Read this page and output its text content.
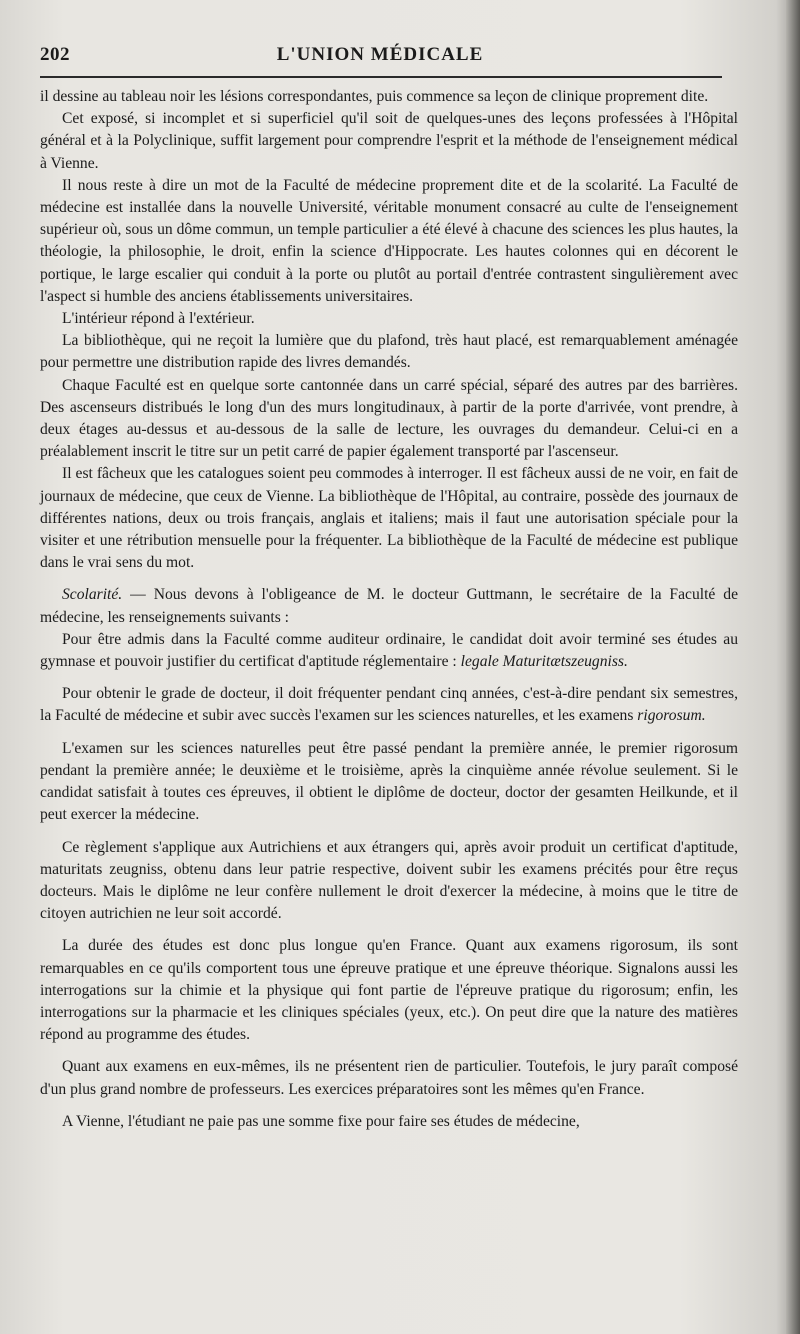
202	L'UNION MÉDICALE

il dessine au tableau noir les lésions correspondantes, puis commence sa leçon de clinique proprement dite.

Cet exposé, si incomplet et si superficiel qu'il soit de quelques-unes des leçons professées à l'Hôpital général et à la Polyclinique, suffit largement pour comprendre l'esprit et la méthode de l'enseignement médical à Vienne.

Il nous reste à dire un mot de la Faculté de médecine proprement dite et de la scolarité. La Faculté de médecine est installée dans la nouvelle Université, véritable monument consacré au culte de l'enseignement supérieur où, sous un dôme commun, un temple particulier a été élevé à chacune des sciences les plus hautes, la théologie, la philosophie, le droit, enfin la science d'Hippocrate. Les hautes colonnes qui en décorent le portique, le large escalier qui conduit à la porte ou plutôt au portail d'entrée contrastent singulièrement avec l'aspect si humble des anciens établissements universitaires.

L'intérieur répond à l'extérieur.

La bibliothèque, qui ne reçoit la lumière que du plafond, très haut placé, est remarquablement aménagée pour permettre une distribution rapide des livres demandés.

Chaque Faculté est en quelque sorte cantonnée dans un carré spécial, séparé des autres par des barrières. Des ascenseurs distribués le long d'un des murs longitudinaux, à partir de la porte d'arrivée, vont prendre, à deux étages au-dessus et au-dessous de la salle de lecture, les ouvrages du demandeur. Celui-ci en a préalablement inscrit le titre sur un petit carré de papier également transporté par l'ascenseur.

Il est fâcheux que les catalogues soient peu commodes à interroger. Il est fâcheux aussi de ne voir, en fait de journaux de médecine, que ceux de Vienne. La bibliothèque de l'Hôpital, au contraire, possède des journaux de différentes nations, deux ou trois français, anglais et italiens; mais il faut une autorisation spéciale pour la visiter et une rétribution mensuelle pour la fréquenter. La bibliothèque de la Faculté de médecine est publique dans le vrai sens du mot.

Scolarité. — Nous devons à l'obligeance de M. le docteur Guttmann, le secrétaire de la Faculté de médecine, les renseignements suivants :

Pour être admis dans la Faculté comme auditeur ordinaire, le candidat doit avoir terminé ses études au gymnase et pouvoir justifier du certificat d'aptitude réglementaire : legale Maturitætszeugniss.

Pour obtenir le grade de docteur, il doit fréquenter pendant cinq années, c'est-à-dire pendant six semestres, la Faculté de médecine et subir avec succès l'examen sur les sciences naturelles, et les examens rigorosum.

L'examen sur les sciences naturelles peut être passé pendant la première année, le premier rigorosum pendant la première année; le deuxième et le troisième, après la cinquième année révolue seulement. Si le candidat satisfait à toutes ces épreuves, il obtient le diplôme de docteur, doctor der gesamten Heilkunde, et il peut exercer la médecine.

Ce règlement s'applique aux Autrichiens et aux étrangers qui, après avoir produit un certificat d'aptitude, maturitats zeugniss, obtenu dans leur patrie respective, doivent subir les examens précités pour être reçus docteurs. Mais le diplôme ne leur confère nullement le droit d'exercer la médecine, à moins que le titre de citoyen autrichien ne leur soit accordé.

La durée des études est donc plus longue qu'en France. Quant aux examens rigorosum, ils sont remarquables en ce qu'ils comportent tous une épreuve pratique et une épreuve théorique. Signalons aussi les interrogations sur la chimie et la physique qui font partie de l'épreuve pratique du rigorosum; enfin, les interrogations sur la pharmacie et les cliniques spéciales (yeux, etc.). On peut dire que la nature des matières répond au programme des études.

Quant aux examens en eux-mêmes, ils ne présentent rien de particulier. Toutefois, le jury paraît composé d'un plus grand nombre de professeurs. Les exercices préparatoires sont les mêmes qu'en France.

A Vienne, l'étudiant ne paie pas une somme fixe pour faire ses études de médecine,
